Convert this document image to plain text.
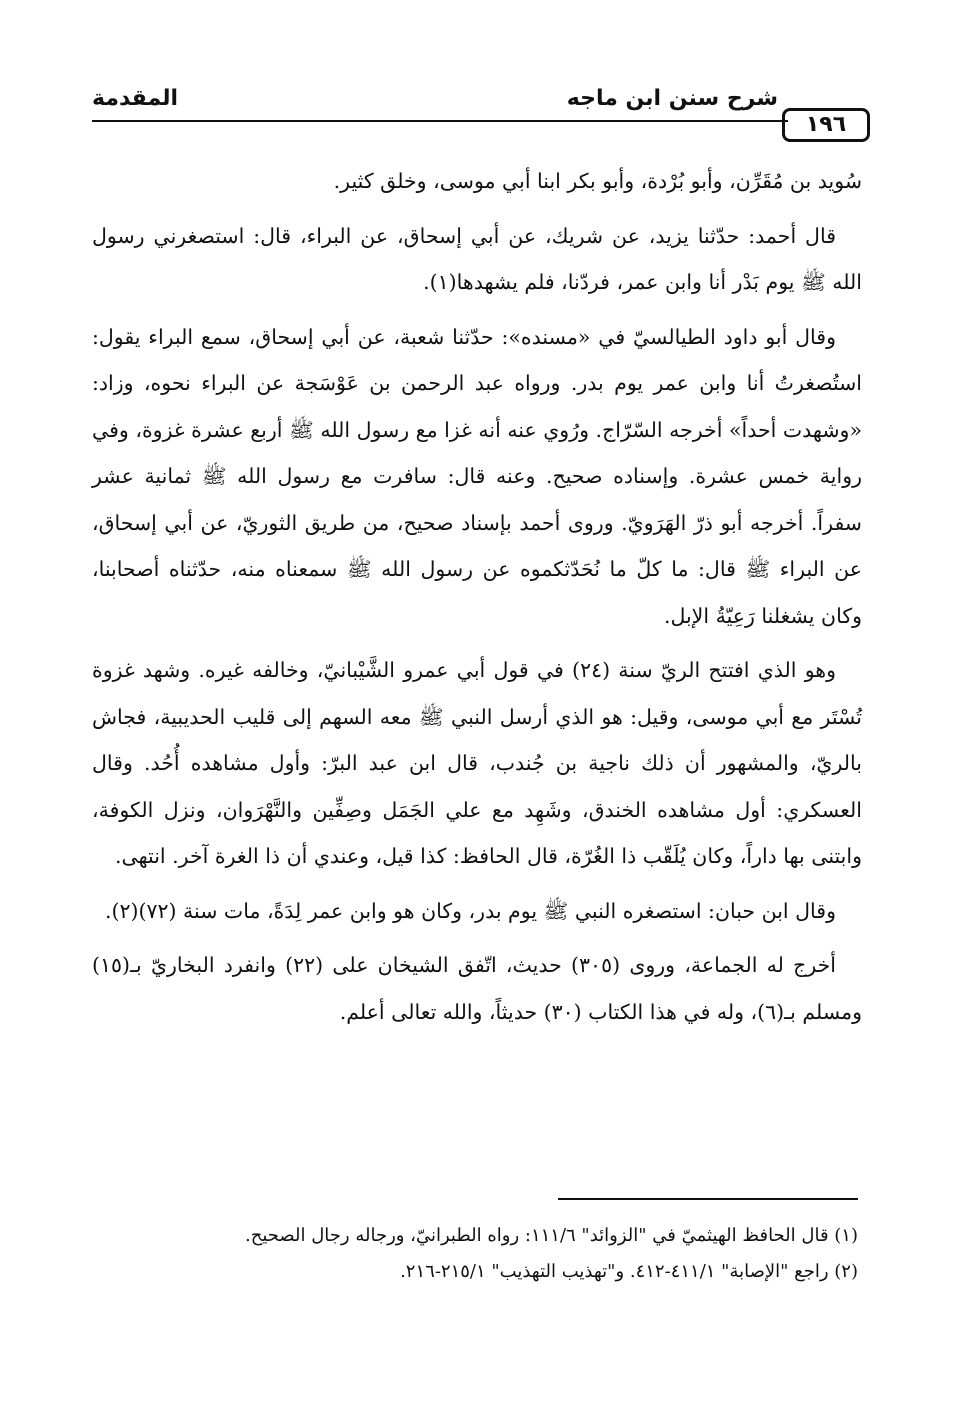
١٩٦
شرح سنن ابن ماجه
المقدمة

سُويد بن مُقَرِّن، وأبو بُرْدة، وأبو بكر ابنا أبي موسى، وخلق كثير.

قال أحمد: حدّثنا يزيد، عن شريك، عن أبي إسحاق، عن البراء، قال: استصغرني رسول الله ﷺ يوم بَدْر أنا وابن عمر، فردّنا، فلم يشهدها(١).

وقال أبو داود الطيالسيّ في «مسنده»: حدّثنا شعبة، عن أبي إسحاق، سمع البراء يقول: استُصغرتُ أنا وابن عمر يوم بدر. ورواه عبد الرحمن بن عَوْسَجة عن البراء نحوه، وزاد: «وشهدت أحداً» أخرجه السّرّاج. ورُوي عنه أنه غزا مع رسول الله ﷺ أربع عشرة غزوة، وفي رواية خمس عشرة. وإسناده صحيح. وعنه قال: سافرت مع رسول الله ﷺ ثمانية عشر سفراً. أخرجه أبو ذرّ الهَرَويّ. وروى أحمد بإسناد صحيح، من طريق الثوريّ، عن أبي إسحاق، عن البراء ﷺ قال: ما كلّ ما نُحَدّثكموه عن رسول الله ﷺ سمعناه منه، حدّثناه أصحابنا، وكان يشغلنا رَعِيّةُ الإبل.

وهو الذي افتتح الريّ سنة (٢٤) في قول أبي عمرو الشَّيْبانيّ، وخالفه غيره. وشهد غزوة تُسْتَر مع أبي موسى، وقيل: هو الذي أرسل النبي ﷺ معه السهم إلى قليب الحديبية، فجاش بالريّ، والمشهور أن ذلك ناجية بن جُندب، قال ابن عبد البرّ: وأول مشاهده أُحُد. وقال العسكري: أول مشاهده الخندق، وشَهِد مع علي الجَمَل وصِفِّين والنَّهْرَوان، ونزل الكوفة، وابتنى بها داراً، وكان يُلَقّب ذا الغُرّة، قال الحافظ: كذا قيل، وعندي أن ذا الغرة آخر. انتهى.

وقال ابن حبان: استصغره النبي ﷺ يوم بدر، وكان هو وابن عمر لِدَةً، مات سنة (٧٢)(٢).

أخرج له الجماعة، وروى (٣٠٥) حديث، اتّفق الشيخان على (٢٢) وانفرد البخاريّ بـ(١٥) ومسلم بـ(٦)، وله في هذا الكتاب (٣٠) حديثاً، والله تعالى أعلم.

(١) قال الحافظ الهيثميّ في "الزوائد" ١١١/٦: رواه الطبرانيّ، ورجاله رجال الصحيح.

(٢) راجع "الإصابة" ٤١١/١-٤١٢. و"تهذيب التهذيب" ٢١٥/١-٢١٦.
